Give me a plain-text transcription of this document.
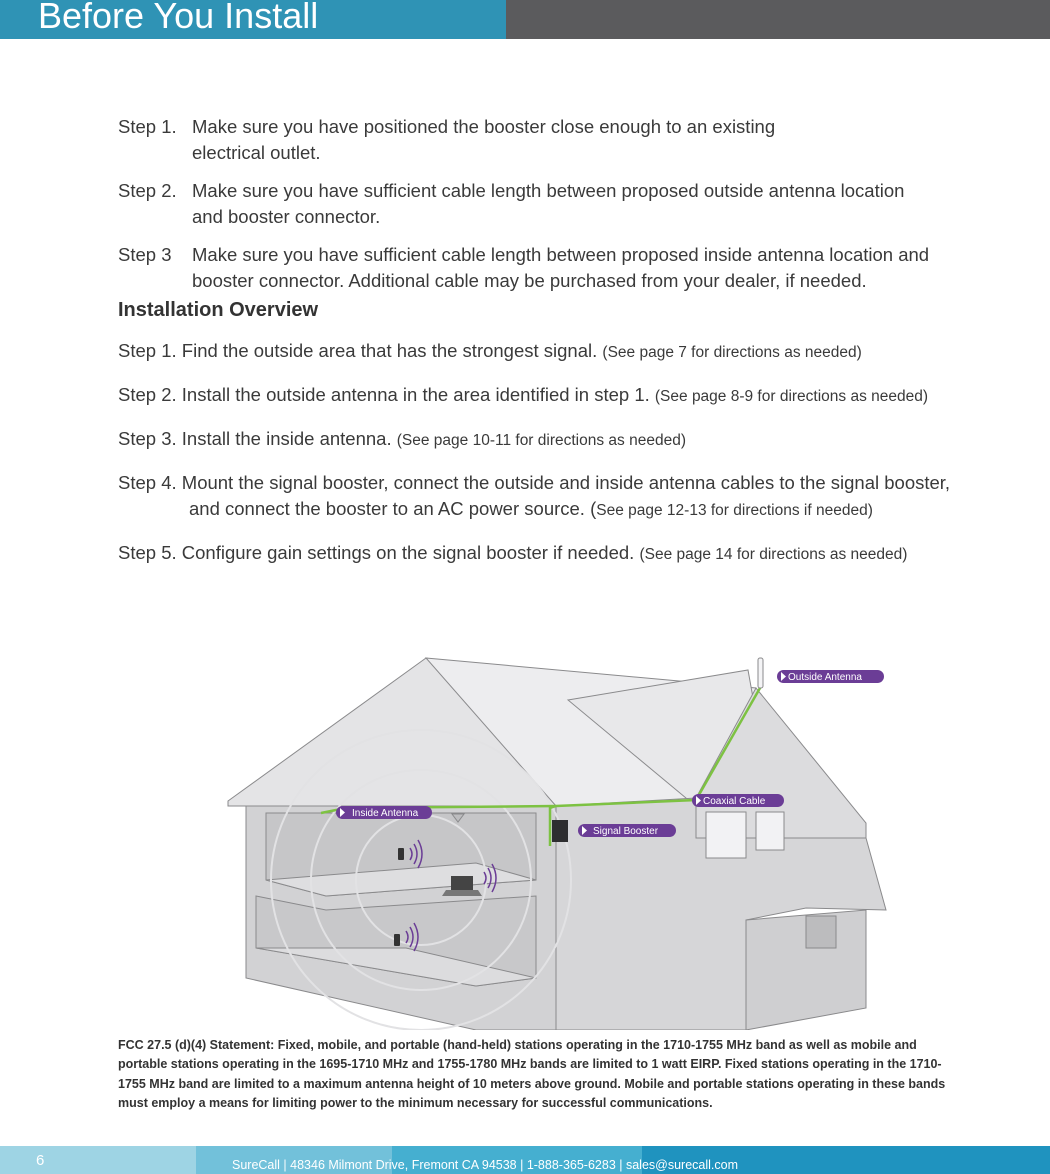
Before You Install
Step 1. Make sure you have positioned the booster close enough to an existing electrical outlet.
Step 2. Make sure you have sufficient cable length between proposed outside antenna location and booster connector.
Step 3	Make sure you have sufficient cable length between proposed inside antenna location and booster connector. Additional cable may be purchased from your dealer, if needed.
Installation Overview
Step 1. Find the outside area that has the strongest signal. (See page 7 for directions as needed)
Step 2. Install the outside antenna in the area identified in step 1. (See page 8-9 for directions as needed)
Step 3. Install the inside antenna. (See page 10-11 for directions as needed)
Step 4. Mount the signal booster, connect the outside and inside antenna cables to the signal booster, and connect the booster to an AC power source. (See page 12-13 for directions if needed)
Step 5. Configure gain settings on the signal booster if needed. (See page 14 for directions as needed)
Outside Antenna
Coaxial Cable
Inside Antenna
Signal Booster
FCC 27.5 (d)(4) Statement: Fixed, mobile, and portable (hand-held) stations operating in the 1710-1755 MHz band as well as mobile and portable stations operating in the 1695-1710 MHz and 1755-1780 MHz bands are limited to 1 watt EIRP. Fixed stations operating in the 1710-1755 MHz band are limited to a maximum antenna height of 10 meters above ground. Mobile and portable stations operating in these bands must employ a means for limiting power to the minimum necessary for successful communications.
6	SureCall | 48346 Milmont Drive, Fremont CA 94538 | 1-888-365-6283 | sales@surecall.com
